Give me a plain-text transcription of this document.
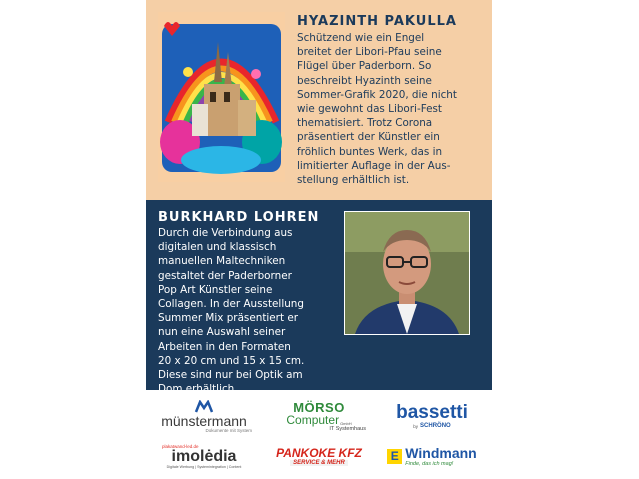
HYAZINTH PAKULLA
Schützend wie ein Engel
breitet der Libori-Pfau seine
Flügel über Paderborn. So
beschreibt Hyazinth seine
Sommer-Grafik 2020, die nicht
wie gewohnt das Libori-Fest
thematisiert. Trotz Corona
präsentiert der Künstler ein
fröhlich buntes Werk, das in
limitierter Auflage in der Aus-
stellung erhältlich ist.
BURKHARD LOHREN
Durch die Verbindung aus
digitalen und klassisch
manuellen Maltechniken
gestaltet der Paderborner
Pop Art Künstler seine
Collagen. In der Ausstellung
Summer Mix präsentiert er
nun eine Auswahl seiner
Arbeiten in den Formaten
20 x 20 cm und 15 x 15 cm.
Diese sind nur bei Optik am
münstermann
Dokumente mit System
MÖRSO
Computer GmbH
IT Systemhaus
bassetti
by SCHRÖNO
plakatwand-led.de
imolėdia
Digitale Werbung | Systemintegration | Content
PANKOKE KFZ
SERVICE & MEHR	E Windmann
Finde, das ich mag!
